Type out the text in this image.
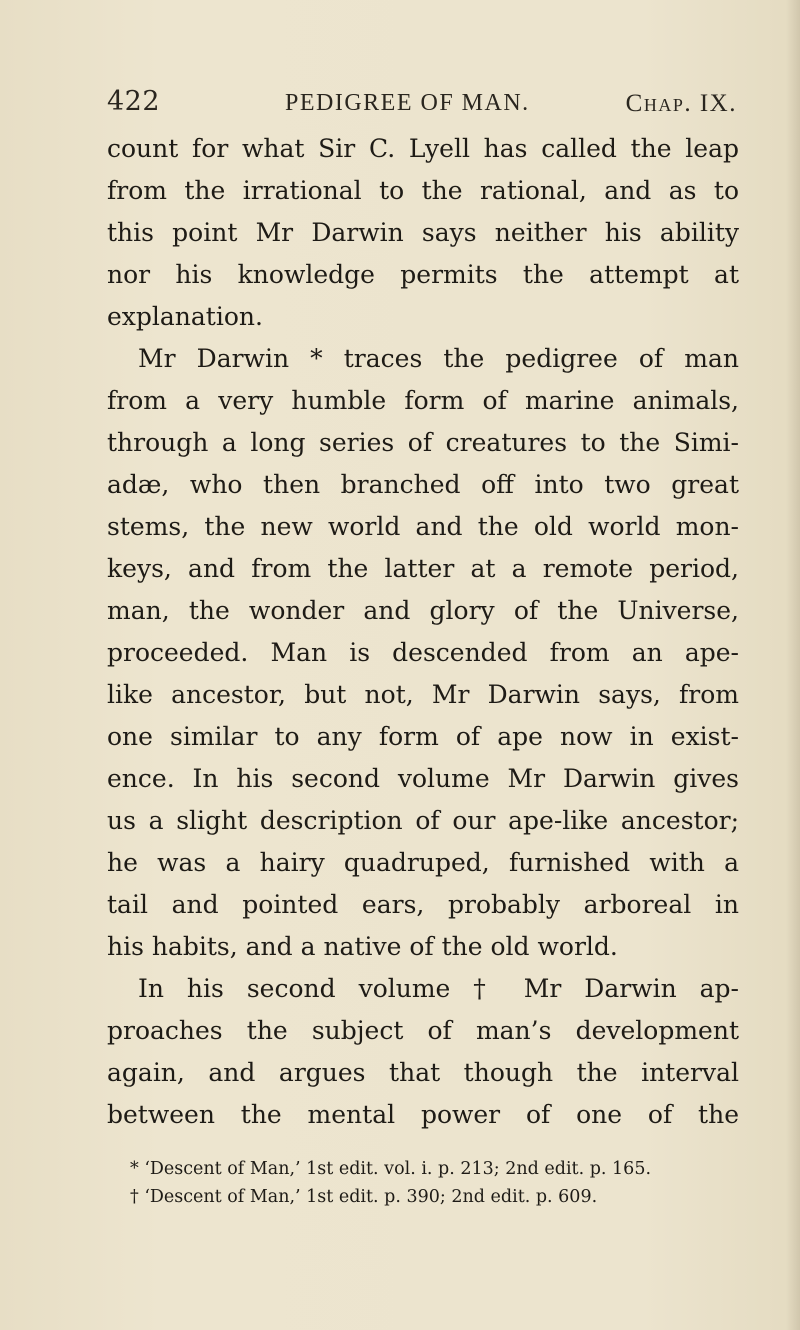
422	PEDIGREE OF MAN.	Chap. IX.
count for what Sir C. Lyell has called the leap
from the irrational to the rational, and as to
this point Mr Darwin says neither his ability
nor his knowledge permits the attempt at
explanation.
Mr Darwin * traces the pedigree of man
from a very humble form of marine animals,
through a long series of creatures to the Simi-
adæ, who then branched off into two great
stems, the new world and the old world mon-
keys, and from the latter at a remote period,
man, the wonder and glory of the Universe,
proceeded. Man is descended from an ape-
like ancestor, but not, Mr Darwin says, from
one similar to any form of ape now in exist-
ence. In his second volume Mr Darwin gives
us a slight description of our ape-like ancestor;
he was a hairy quadruped, furnished with a
tail and pointed ears, probably arboreal in
his habits, and a native of the old world.
In his second volume † Mr Darwin ap-
proaches the subject of man’s development
again, and argues that though the interval
between the mental power of one of the
* ‘Descent of Man,’ 1st edit. vol. i. p. 213; 2nd edit. p. 165.
† ‘Descent of Man,’ 1st edit. p. 390; 2nd edit. p. 609.
